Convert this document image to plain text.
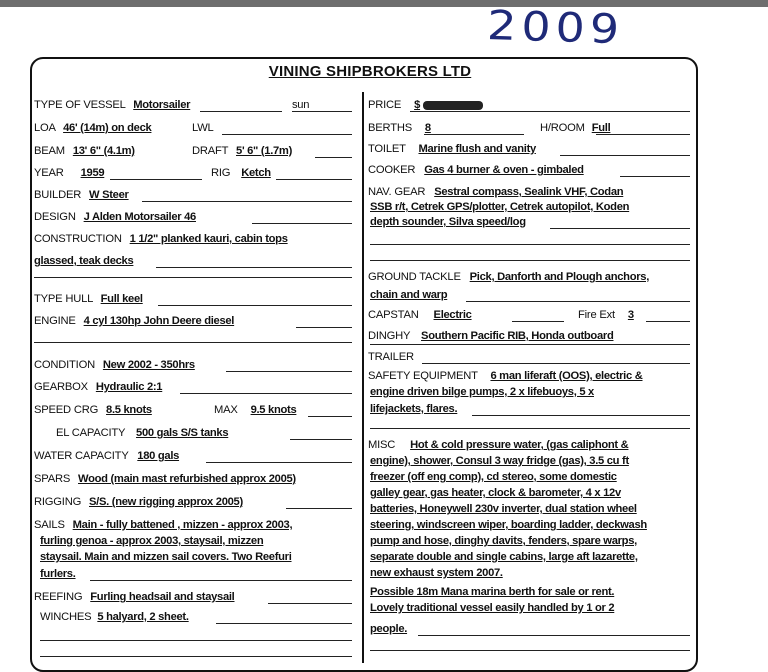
2009
VINING SHIPBROKERS LTD
TYPE OF VESSEL Motorsailer	sun
LOA 46' (14m) on deck	LWL
BEAM 13' 6" (4.1m)	DRAFT 5' 6" (1.7m)
YEAR 1959	RIG Ketch
BUILDER W Steer
DESIGN J Alden Motorsailer 46
CONSTRUCTION 1 1/2" planked kauri, cabin tops
glassed, teak decks
TYPE HULL Full keel
ENGINE 4 cyl 130hp John Deere diesel
CONDITION New 2002 - 350hrs
GEARBOX Hydraulic 2:1
SPEED CRG 8.5 knots	MAX 9.5 knots
EL CAPACITY 500 gals S/S tanks
WATER CAPACITY 180 gals
SPARS Wood (main mast refurbished approx 2005)
RIGGING S/S. (new rigging approx 2005)
SAILS Main - fully battened , mizzen - approx 2003,
furling genoa - approx 2003, staysail, mizzen
staysail. Main and mizzen sail covers. Two Reefuri
furlers.
REEFING Furling headsail and staysail
WINCHES 5 halyard, 2 sheet.
PRICE $
BERTHS 8	H/ROOM Full
TOILET Marine flush and vanity
COOKER Gas 4 burner & oven - gimbaled
NAV. GEAR Sestral compass, Sealink VHF, Codan
SSB r/t, Cetrek GPS/plotter, Cetrek autopilot, Koden
depth sounder, Silva speed/log
GROUND TACKLE Pick, Danforth and Plough anchors,
chain and warp
CAPSTAN Electric	Fire Ext 3
DINGHY Southern Pacific RIB, Honda outboard
TRAILER
SAFETY EQUIPMENT 6 man liferaft (OOS), electric &
engine driven bilge pumps, 2 x lifebuoys, 5 x
lifejackets, flares.
MISC Hot & cold pressure water, (gas caliphont &
engine), shower, Consul 3 way fridge (gas), 3.5 cu ft
freezer (off eng comp), cd stereo, some domestic
galley gear, gas heater, clock & barometer, 4 x 12v
batteries, Honeywell 230v inverter, dual station wheel
steering, windscreen wiper, boarding ladder, deckwash
pump and hose, dinghy davits, fenders, spare warps,
separate double and single cabins, large aft lazarette,
new exhaust system 2007.
Possible 18m Mana marina berth for sale or rent.
Lovely traditional vessel easily handled by 1 or 2
people.
